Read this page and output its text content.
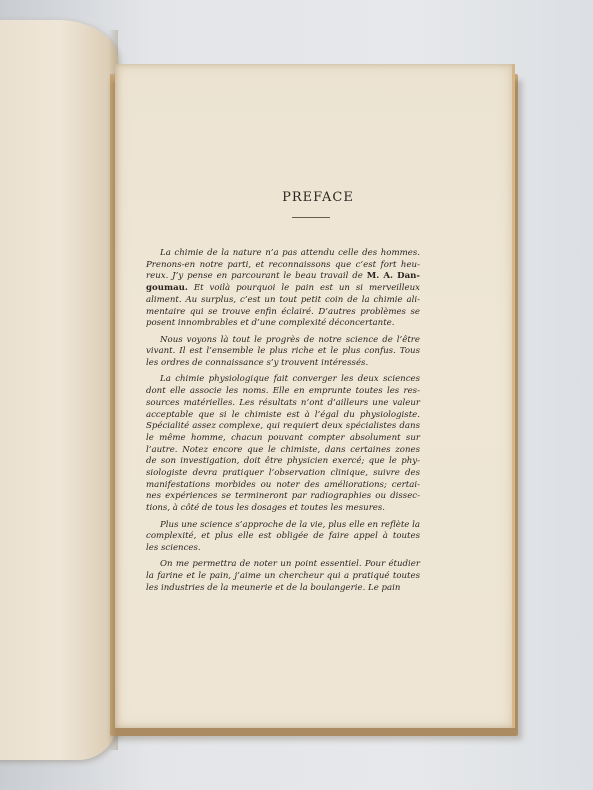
PREFACE
La chimie de la nature n’a pas attendu celle des hommes.
Prenons-en notre parti, et reconnaissons que c’est fort heu-
reux. J’y pense en parcourant le beau travail de M. A. Dan-
goumau. Et voilà pourquoi le pain est un si merveilleux
aliment. Au surplus, c’est un tout petit coin de la chimie ali-
mentaire qui se trouve enfin éclairé. D’autres problèmes se
posent innombrables et d’une complexité déconcertante.
Nous voyons là tout le progrès de notre science de l’être
vivant. Il est l’ensemble le plus riche et le plus confus. Tous
les ordres de connaissance s’y trouvent intéressés.
La chimie physiologique fait converger les deux sciences
dont elle associe les noms. Elle en emprunte toutes les res-
sources matérielles. Les résultats n’ont d’ailleurs une valeur
acceptable que si le chimiste est à l’égal du physiologiste.
Spécialité assez complexe, qui requiert deux spécialistes dans
le même homme, chacun pouvant compter absolument sur
l’autre. Notez encore que le chimiste, dans certaines zones
de son investigation, doit être physicien exercé; que le phy-
siologiste devra pratiquer l’observation clinique, suivre des
manifestations morbides ou noter des améliorations; certai-
nes expériences se termineront par radiographies ou dissec-
tions, à côté de tous les dosages et toutes les mesures.
Plus une science s’approche de la vie, plus elle en reflète la
complexité, et plus elle est obligée de faire appel à toutes
les sciences.
On me permettra de noter un point essentiel. Pour étudier
la farine et le pain, j’aime un chercheur qui a pratiqué toutes
les industries de la meunerie et de la boulangerie. Le pain
